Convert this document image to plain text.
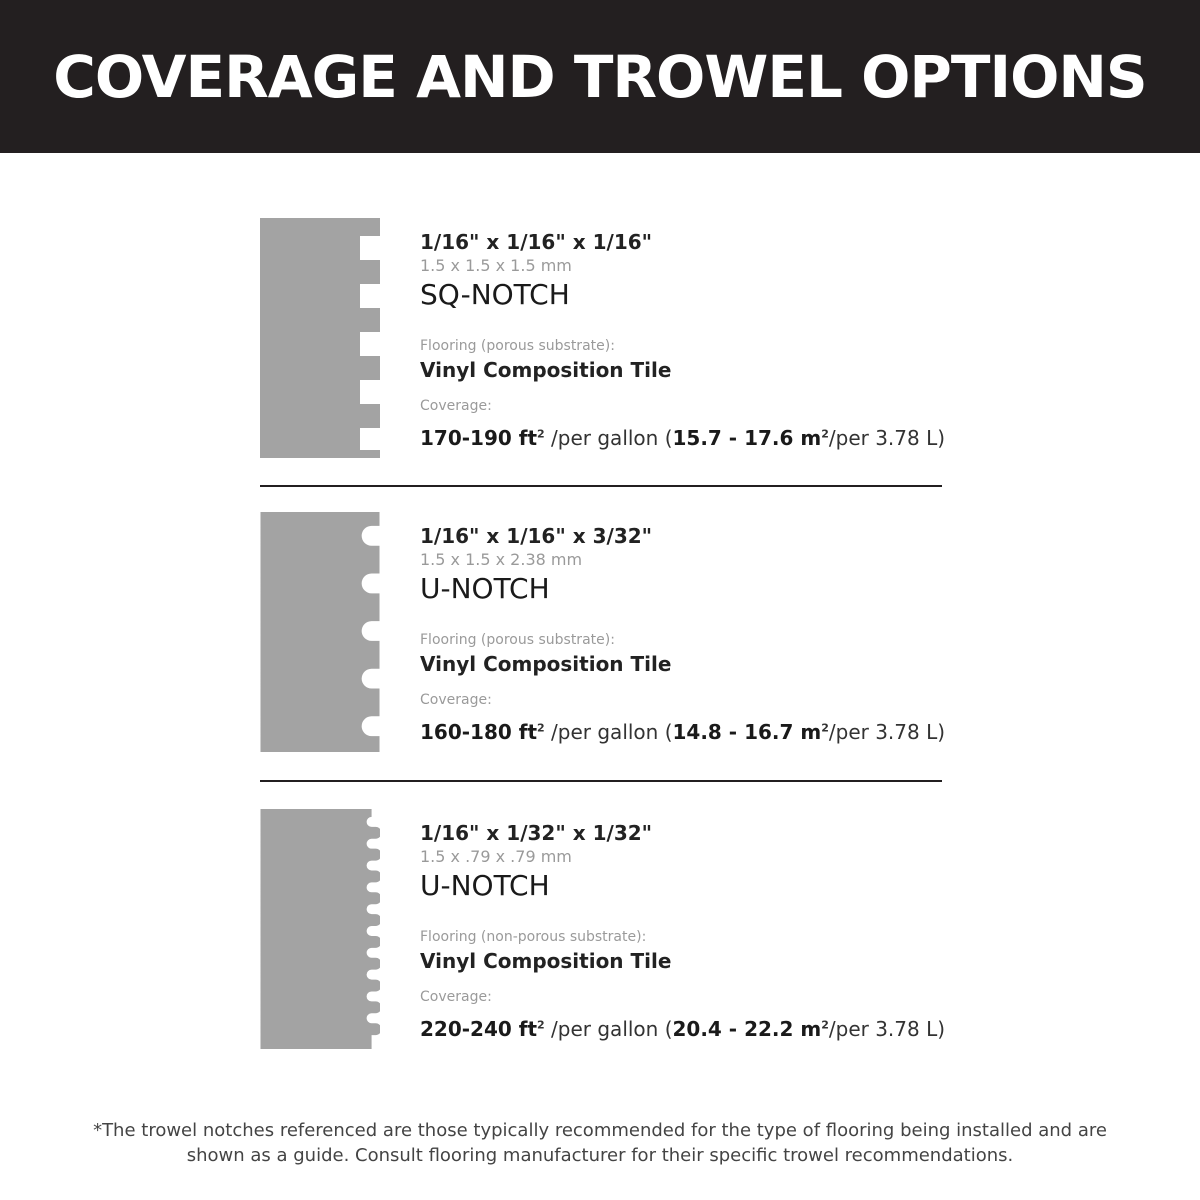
COVERAGE AND TROWEL OPTIONS
1/16" x 1/16" x 1/16"
1.5 x 1.5 x 1.5 mm
SQ-NOTCH
Flooring (porous substrate):
Vinyl Composition Tile
Coverage:
170-190 $ft^2$ /per gallon (15.7 - 17.6 $m^2$/per 3.78 L)
1/16" x 1/16" x 3/32"
1.5 x 1.5 x 2.38 mm
U-NOTCH
Flooring (porous substrate):
Vinyl Composition Tile
Coverage:
160-180 $ft^2$ /per gallon (14.8 - 16.7 $m^2$/per 3.78 L)
1/16" x 1/32" x 1/32"
1.5 x .79 x .79 mm
U-NOTCH
Flooring (non-porous substrate):
Vinyl Composition Tile
Coverage:
220-240 $ft^2$ /per gallon (20.4 - 22.2 $m^2$/per 3.78 L)
*The trowel notches referenced are those typically recommended for the type of flooring being installed and are
shown as a guide. Consult flooring manufacturer for their specific trowel recommendations.
